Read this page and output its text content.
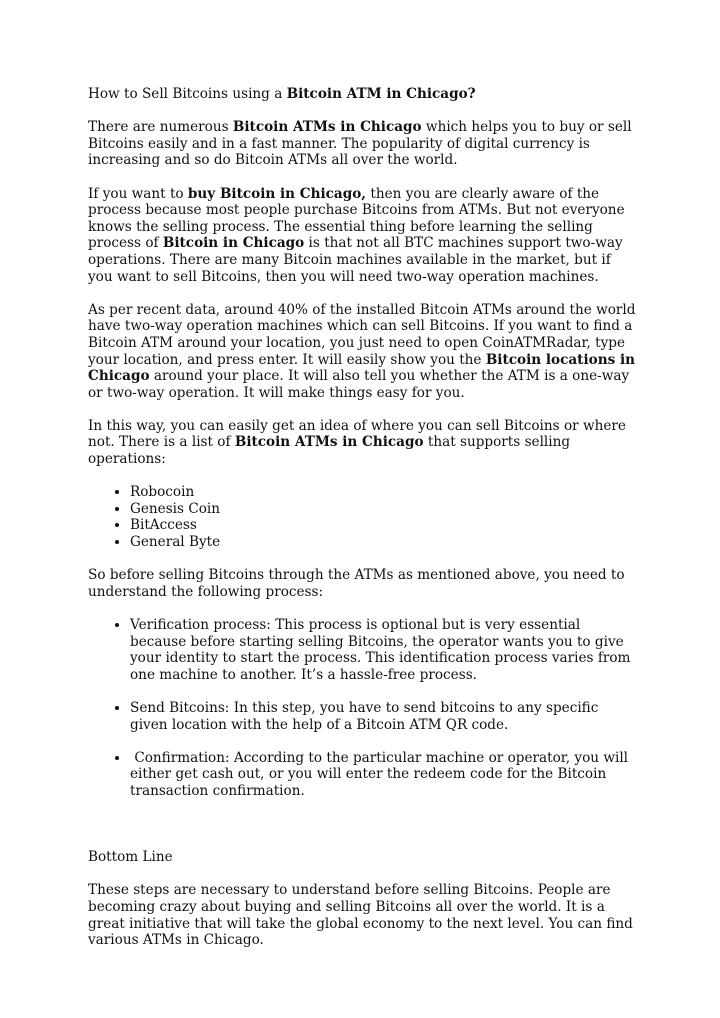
How to Sell Bitcoins using a Bitcoin ATM in Chicago?

There are numerous Bitcoin ATMs in Chicago which helps you to buy or sell Bitcoins easily and in a fast manner. The popularity of digital currency is increasing and so do Bitcoin ATMs all over the world.

If you want to buy Bitcoin in Chicago, then you are clearly aware of the process because most people purchase Bitcoins from ATMs. But not everyone knows the selling process. The essential thing before learning the selling process of Bitcoin in Chicago is that not all BTC machines support two-way operations. There are many Bitcoin machines available in the market, but if you want to sell Bitcoins, then you will need two-way operation machines.

As per recent data, around 40% of the installed Bitcoin ATMs around the world have two-way operation machines which can sell Bitcoins. If you want to find a Bitcoin ATM around your location, you just need to open CoinATMRadar, type your location, and press enter. It will easily show you the Bitcoin locations in Chicago around your place. It will also tell you whether the ATM is a one-way or two-way operation. It will make things easy for you.

In this way, you can easily get an idea of where you can sell Bitcoins or where not. There is a list of Bitcoin ATMs in Chicago that supports selling operations:

• Robocoin
• Genesis Coin
• BitAccess
• General Byte

So before selling Bitcoins through the ATMs as mentioned above, you need to understand the following process:

• Verification process: This process is optional but is very essential because before starting selling Bitcoins, the operator wants you to give your identity to start the process. This identification process varies from one machine to another. It’s a hassle-free process.
• Send Bitcoins: In this step, you have to send bitcoins to any specific given location with the help of a Bitcoin ATM QR code.
•  Confirmation: According to the particular machine or operator, you will either get cash out, or you will enter the redeem code for the Bitcoin transaction confirmation.

Bottom Line

These steps are necessary to understand before selling Bitcoins. People are becoming crazy about buying and selling Bitcoins all over the world. It is a great initiative that will take the global economy to the next level. You can find various ATMs in Chicago.
